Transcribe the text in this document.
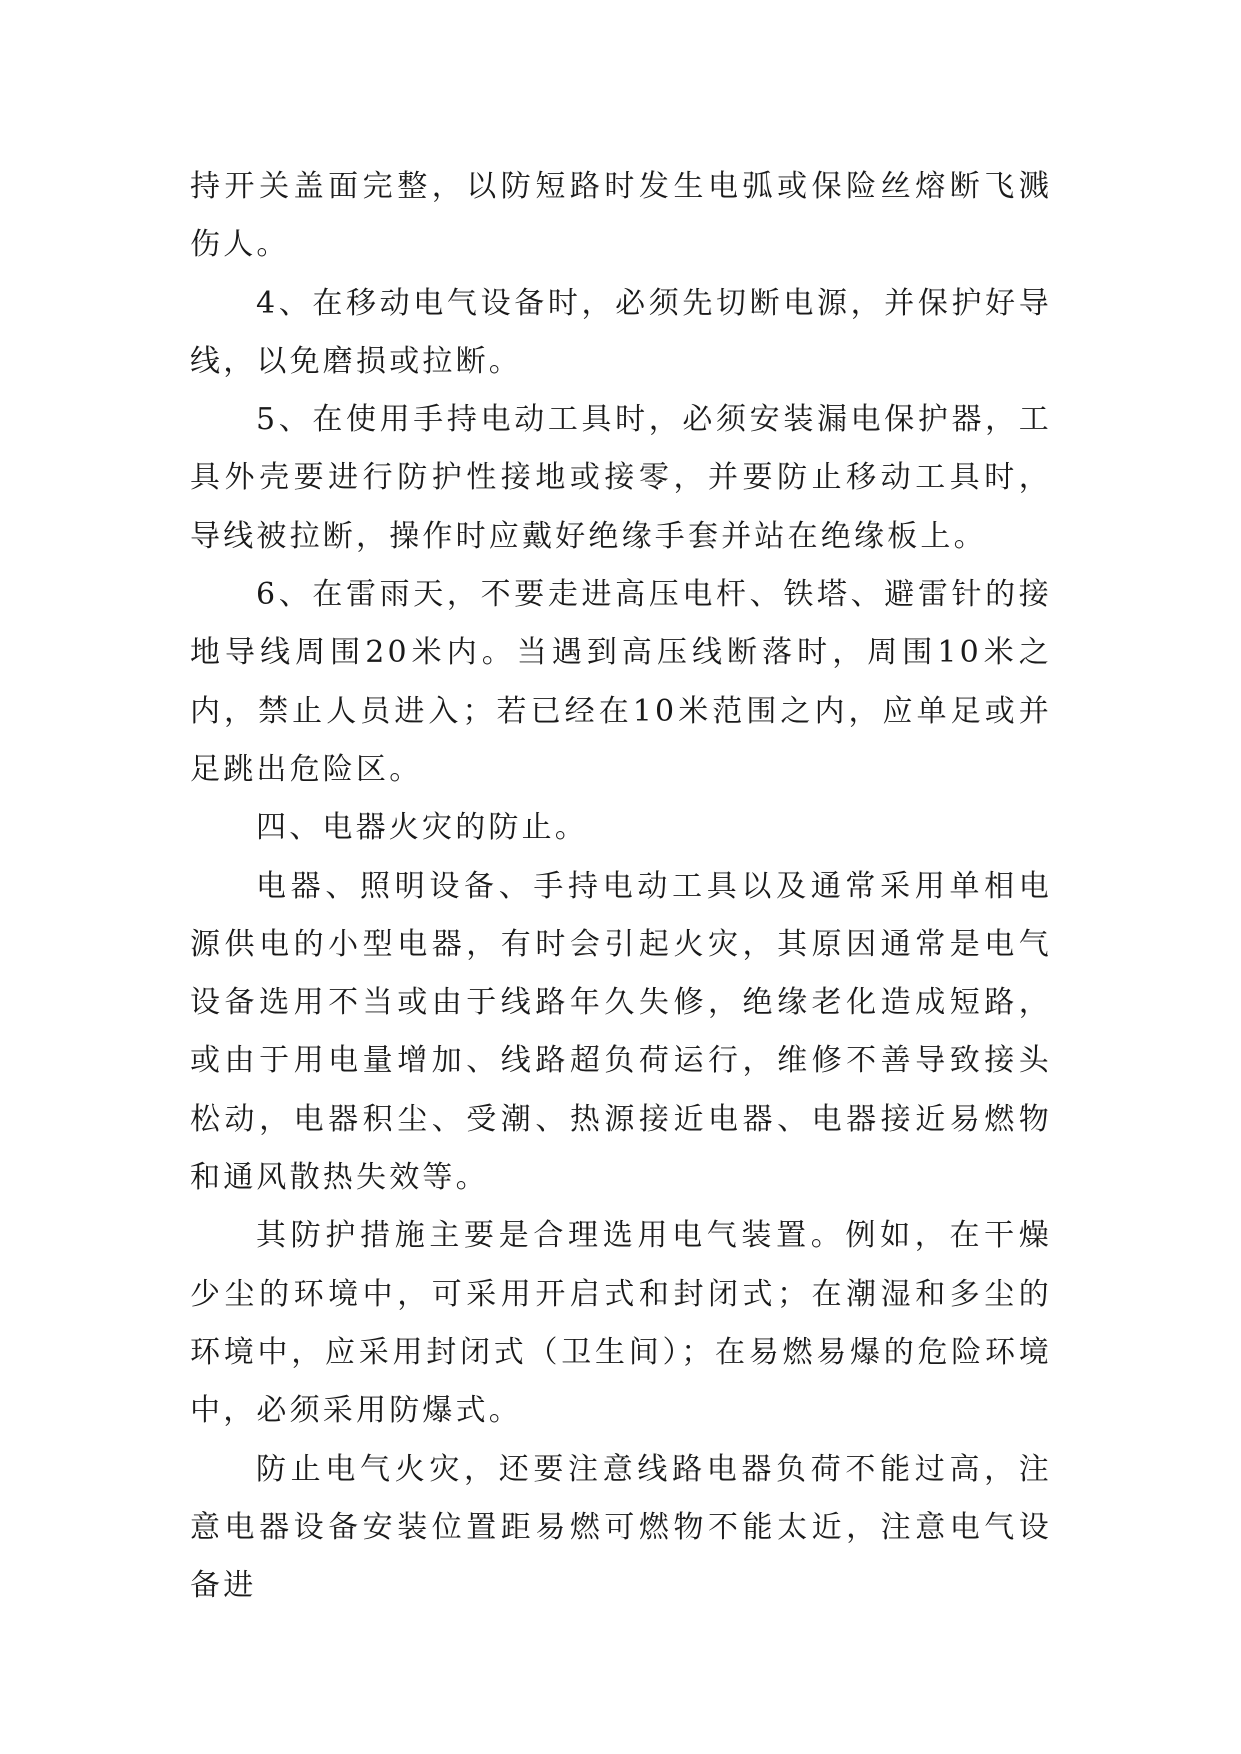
持开关盖面完整，以防短路时发生电弧或保险丝熔断飞溅伤人。

4、在移动电气设备时，必须先切断电源，并保护好导线，以免磨损或拉断。

5、在使用手持电动工具时，必须安装漏电保护器，工具外壳要进行防护性接地或接零，并要防止移动工具时，导线被拉断，操作时应戴好绝缘手套并站在绝缘板上。

6、在雷雨天，不要走进高压电杆、铁塔、避雷针的接地导线周围20米内。当遇到高压线断落时，周围10米之内，禁止人员进入；若已经在10米范围之内，应单足或并足跳出危险区。

四、电器火灾的防止。

电器、照明设备、手持电动工具以及通常采用单相电源供电的小型电器，有时会引起火灾，其原因通常是电气设备选用不当或由于线路年久失修，绝缘老化造成短路，或由于用电量增加、线路超负荷运行，维修不善导致接头松动，电器积尘、受潮、热源接近电器、电器接近易燃物和通风散热失效等。

其防护措施主要是合理选用电气装置。例如，在干燥少尘的环境中，可采用开启式和封闭式；在潮湿和多尘的环境中，应采用封闭式（卫生间）；在易燃易爆的危险环境中，必须采用防爆式。

防止电气火灾，还要注意线路电器负荷不能过高，注意电器设备安装位置距易燃可燃物不能太近，注意电气设备进
